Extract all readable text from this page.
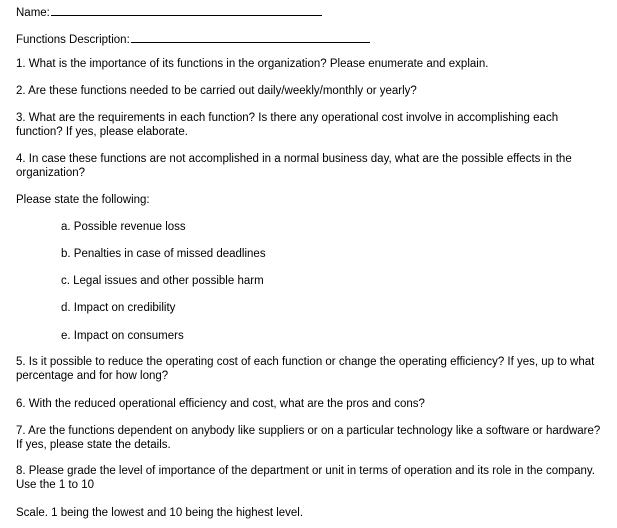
Name:
Functions Description:
1. What is the importance of its functions in the organization? Please enumerate and explain.
2. Are these functions needed to be carried out daily/weekly/monthly or yearly?
3. What are the requirements in each function? Is there any operational cost involve in accomplishing each function? If yes, please elaborate.
4. In case these functions are not accomplished in a normal business day, what are the possible effects in the organization?
Please state the following:
a. Possible revenue loss
b. Penalties in case of missed deadlines
c. Legal issues and other possible harm
d. Impact on credibility
e. Impact on consumers
5. Is it possible to reduce the operating cost of each function or change the operating efficiency? If yes, up to what percentage and for how long?
6. With the reduced operational efficiency and cost, what are the pros and cons?
7. Are the functions dependent on anybody like suppliers or on a particular technology like a software or hardware? If yes, please state the details.
8. Please grade the level of importance of the department or unit in terms of operation and its role in the company. Use the 1 to 10
Scale. 1 being the lowest and 10 being the highest level.
